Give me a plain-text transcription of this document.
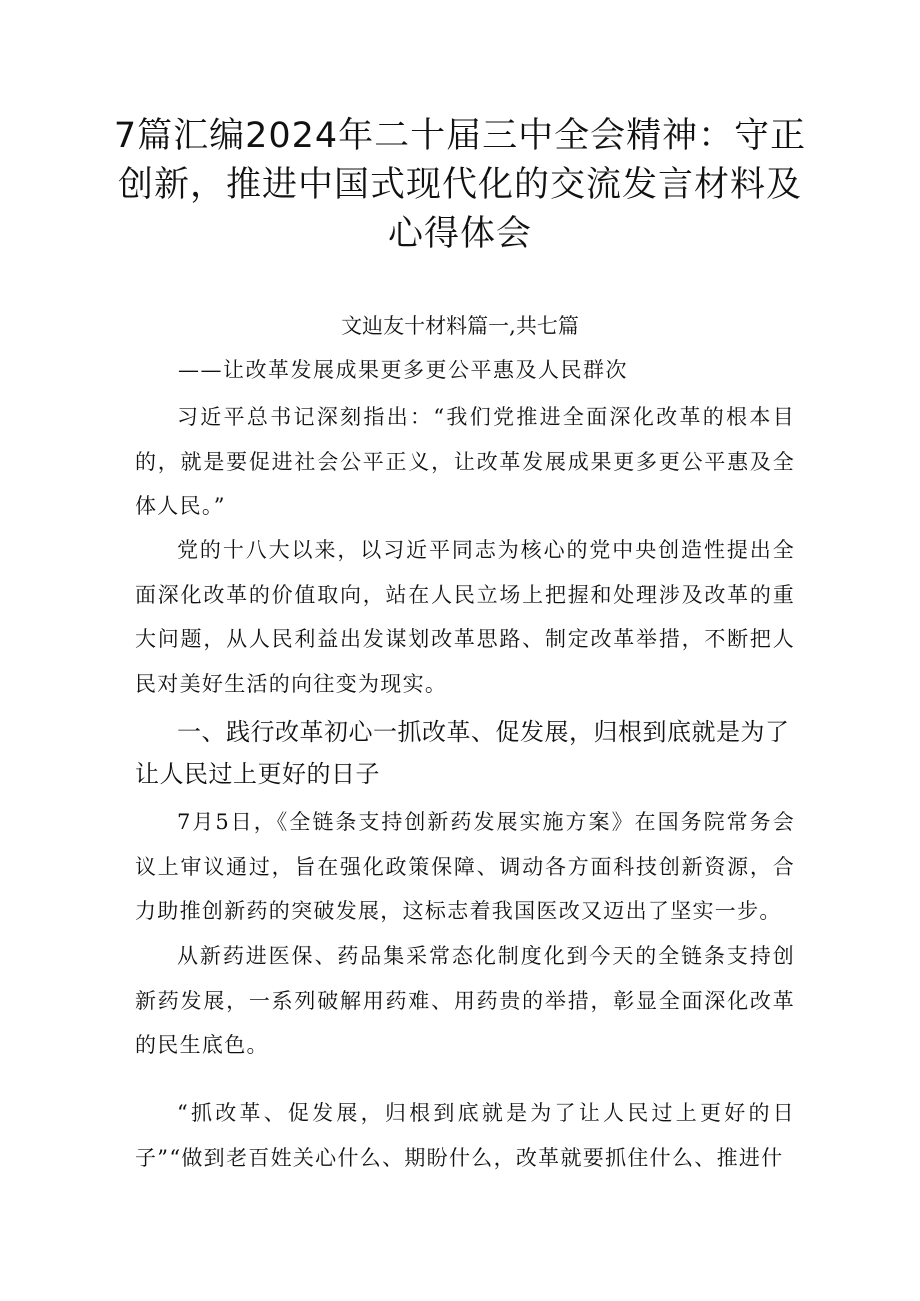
7篇汇编2024年二十届三中全会精神：守正
创新，推进中国式现代化的交流发言材料及
心得体会
文辿友十材料篇一,共七篇
——让改革发展成果更多更公平惠及人民群次

习近平总书记深刻指出：“我们党推进全面深化改革的根本目的，就是要促进社会公平正义，让改革发展成果更多更公平惠及全体人民。”

党的十八大以来，以习近平同志为核心的党中央创造性提出全面深化改革的价值取向，站在人民立场上把握和处理涉及改革的重大问题，从人民利益出发谋划改革思路、制定改革举措，不断把人民对美好生活的向往变为现实。

一、践行改革初心一抓改革、促发展，归根到底就是为了让人民过上更好的日子

7月5日，《全链条支持创新药发展实施方案》在国务院常务会议上审议通过，旨在强化政策保障、调动各方面科技创新资源，合力助推创新药的突破发展，这标志着我国医改又迈出了坚实一步。

从新药进医保、药品集采常态化制度化到今天的全链条支持创新药发展，一系列破解用药难、用药贵的举措，彰显全面深化改革的民生底色。

“抓改革、促发展，归根到底就是为了让人民过上更好的日子”“做到老百姓关心什么、期盼什么，改革就要抓住什么、推进什
